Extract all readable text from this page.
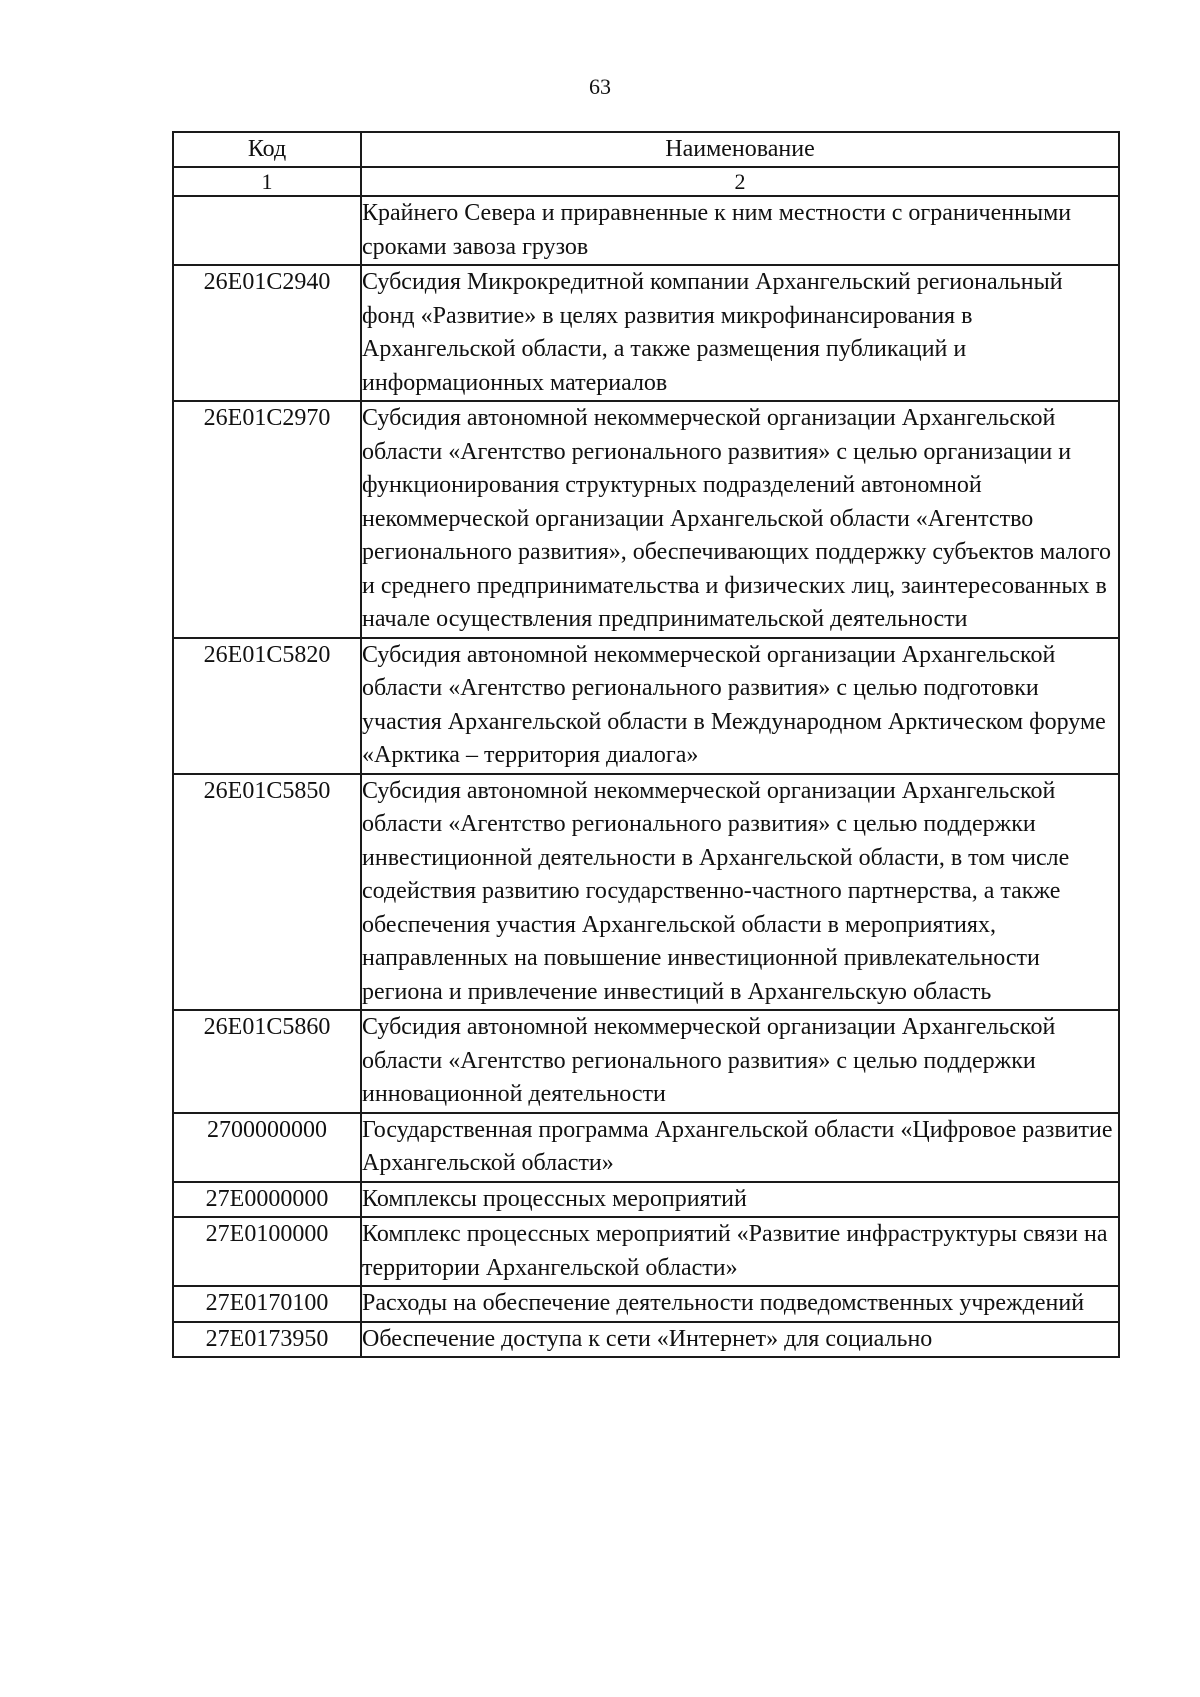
63
Код	Наименование
1	2
	Крайнего Севера и приравненные к ним местности с ограниченными сроками завоза грузов
26Е01С2940	Субсидия Микрокредитной компании Архангельский региональный фонд «Развитие» в целях развития микрофинансирования в Архангельской области, а также размещения публикаций и информационных материалов
26Е01С2970	Субсидия автономной некоммерческой организации Архангельской области «Агентство регионального развития» с целью организации и функционирования структурных подразделений автономной некоммерческой организации Архангельской области «Агентство регионального развития», обеспечивающих поддержку субъектов малого и среднего предпринимательства и физических лиц, заинтересованных в начале осуществления предпринимательской деятельности
26Е01С5820	Субсидия автономной некоммерческой организации Архангельской области «Агентство регионального развития» с целью подготовки участия Архангельской области в Международном Арктическом форуме «Арктика – территория диалога»
26Е01С5850	Субсидия автономной некоммерческой организации Архангельской области «Агентство регионального развития» с целью поддержки инвестиционной деятельности в Архангельской области, в том числе содействия развитию государственно-частного партнерства, а также обеспечения участия Архангельской области в мероприятиях, направленных на повышение инвестиционной привлекательности региона и привлечение инвестиций в Архангельскую область
26Е01С5860	Субсидия автономной некоммерческой организации Архангельской области «Агентство регионального развития» с целью поддержки инновационной деятельности
2700000000	Государственная программа Архангельской области «Цифровое развитие Архангельской области»
27Е0000000	Комплексы процессных мероприятий
27Е0100000	Комплекс процессных мероприятий «Развитие инфраструктуры связи на территории Архангельской области»
27Е0170100	Расходы на обеспечение деятельности подведомственных учреждений
27Е0173950	Обеспечение доступа к сети «Интернет» для социально
